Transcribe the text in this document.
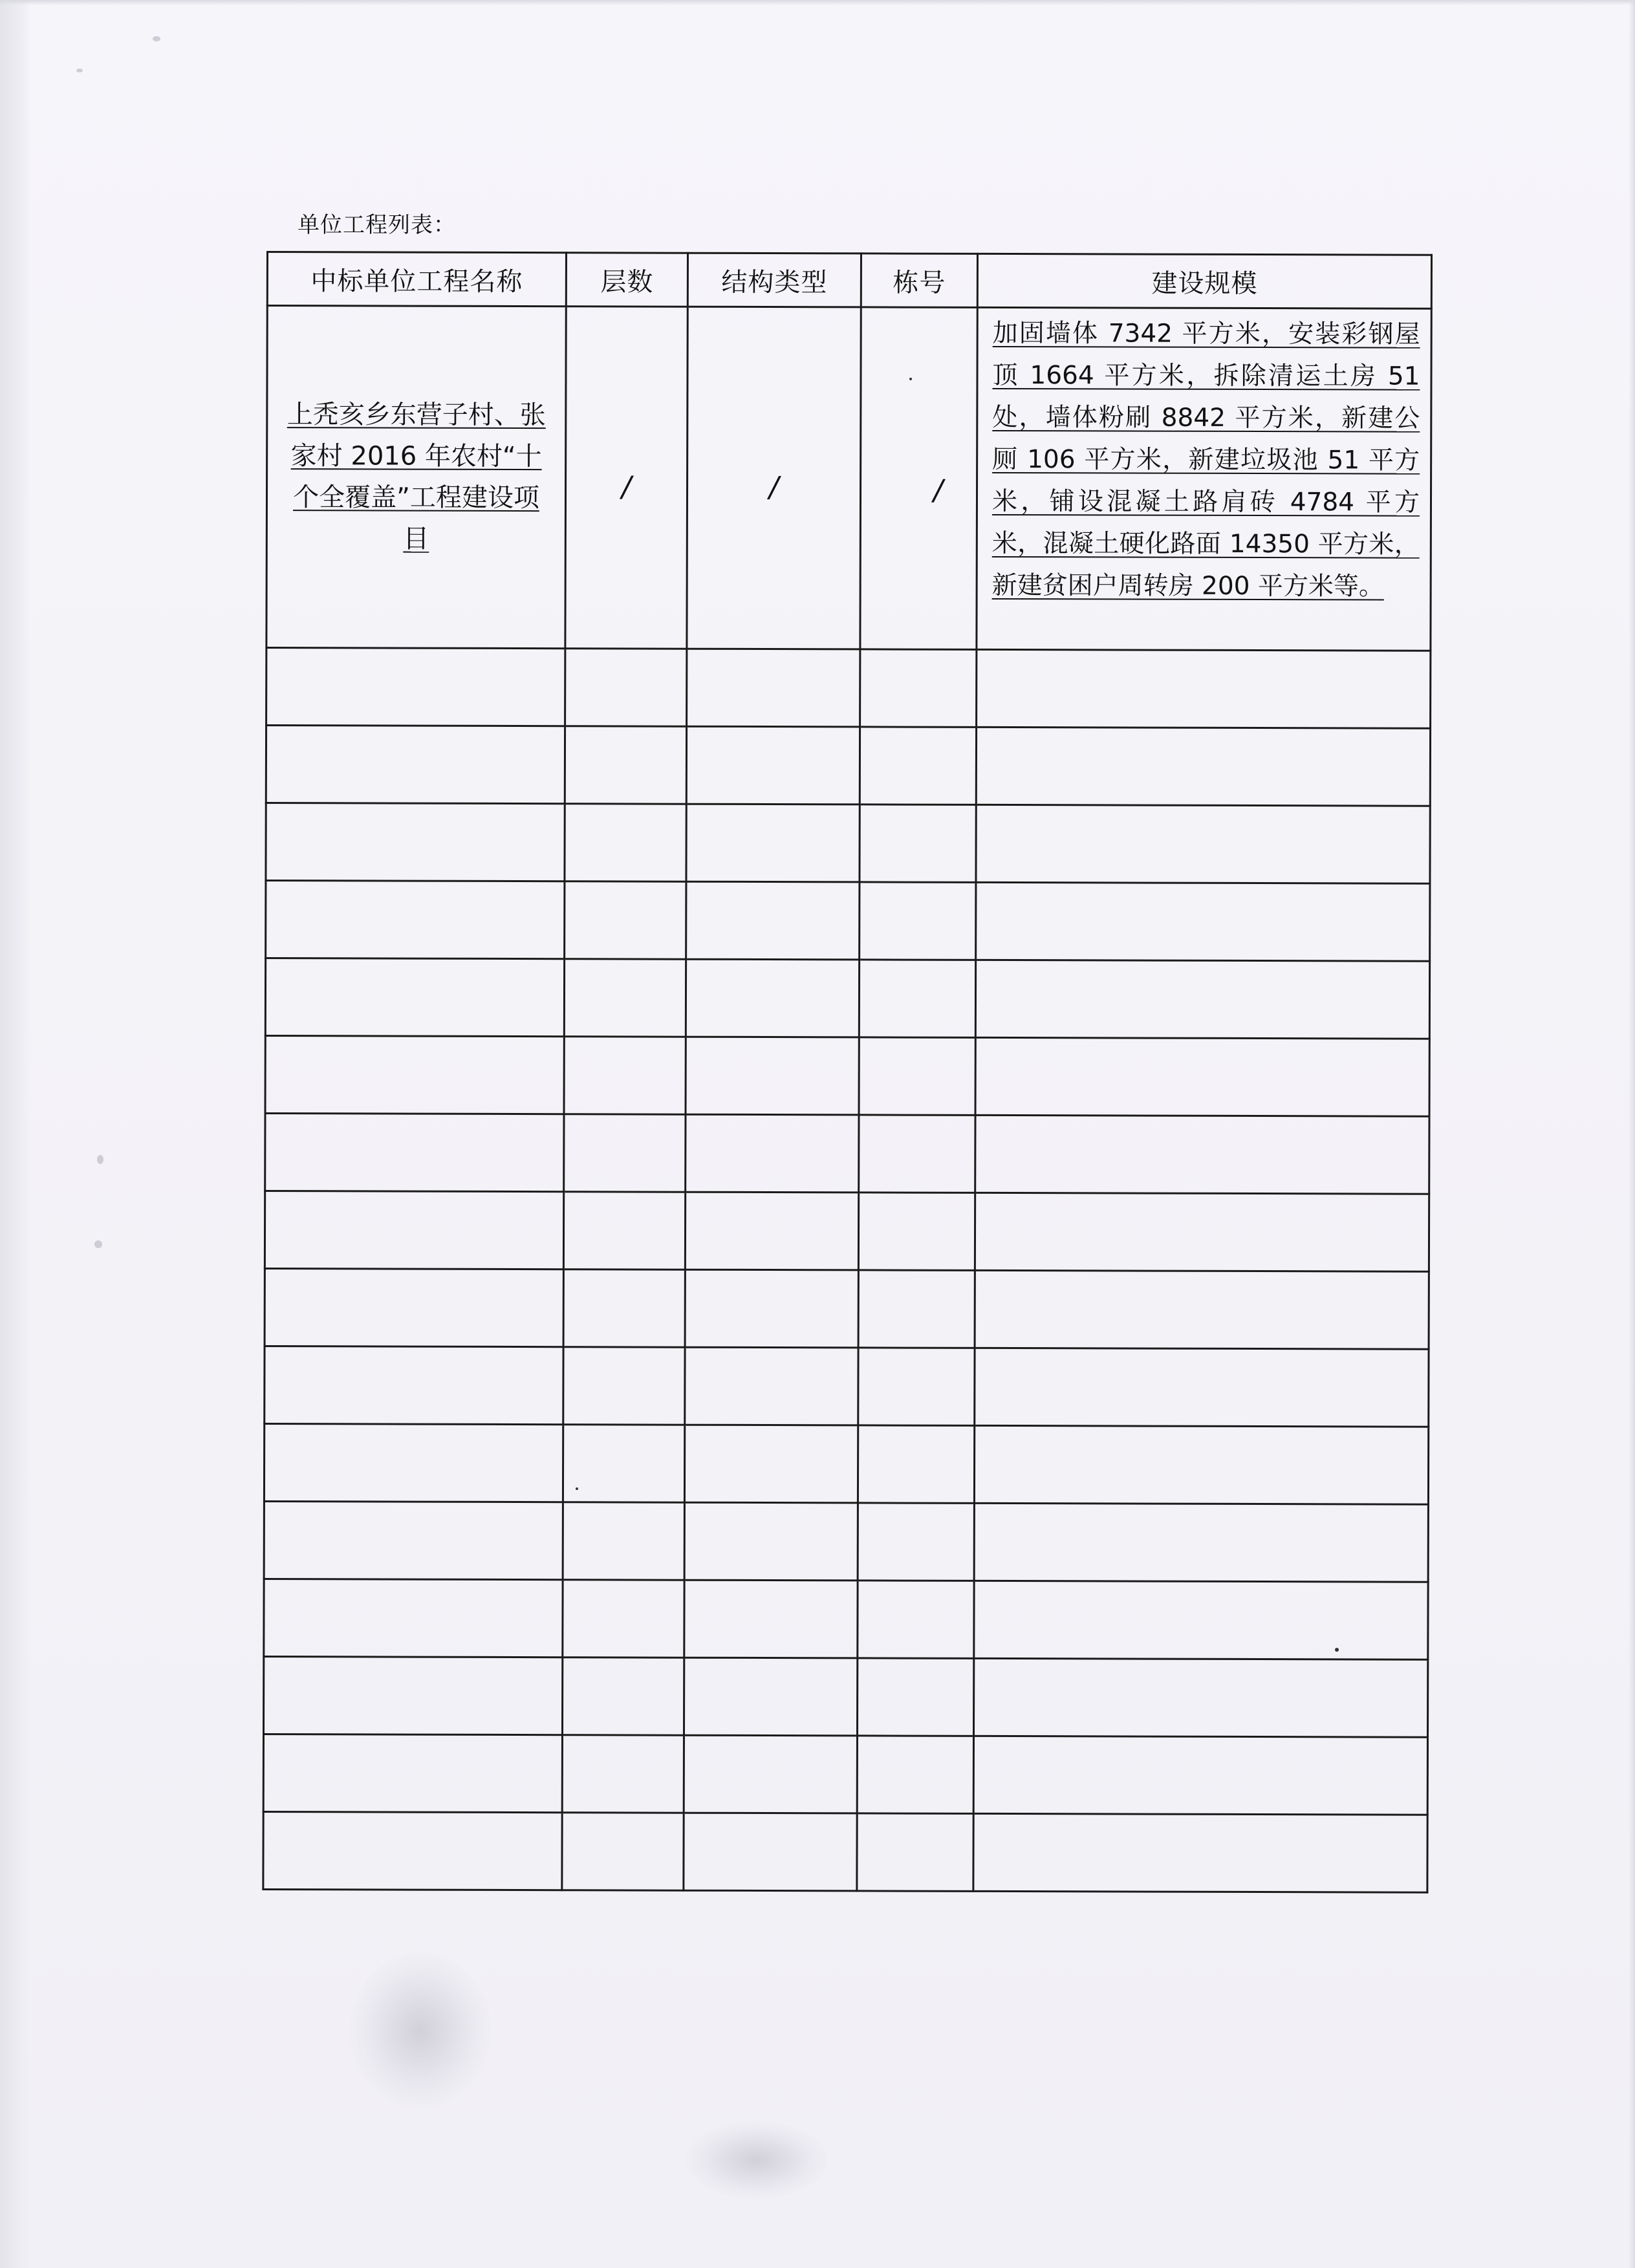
单位工程列表：
中标单位工程名称	层数	结构类型	栋号	建设规模
上秃亥乡东营子村、张家村 2016 年农村“十个全覆盖”工程建设项目	/	/	/	加固墙体 7342 平方米，安装彩钢屋顶 1664 平方米，拆除清运土房 51 处，墙体粉刷 8842 平方米，新建公厕 106 平方米，新建垃圾池 51 平方米，铺设混凝土路肩砖 4784 平方米，混凝土硬化路面 14350 平方米，新建贫困户周转房 200 平方米等。
